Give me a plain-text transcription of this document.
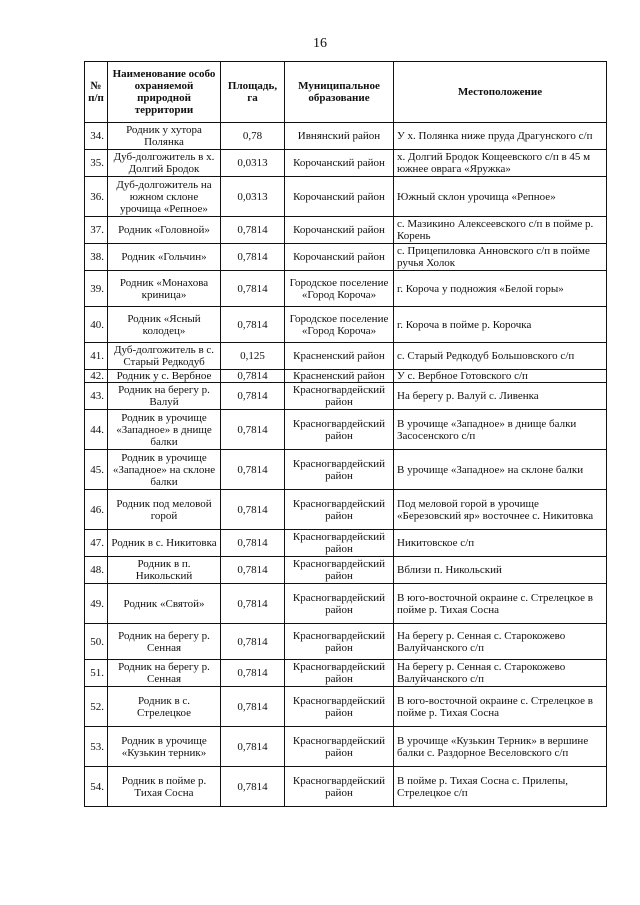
16
№ п/п	Наименование особо охраняемой природной территории	Площадь, га	Муниципальное образование	Местоположение
34.	Родник у хутора Полянка	0,78	Ивнянский район	У х. Полянка ниже пруда Драгунского с/п
35.	Дуб-долгожитель в х. Долгий Бродок	0,0313	Корочанский район	х. Долгий Бродок Кощеевского с/п в 45 м южнее оврага «Яружка»
36.	Дуб-долгожитель на южном склоне урочища «Репное»	0,0313	Корочанский район	Южный склон урочища «Репное»
37.	Родник «Головной»	0,7814	Корочанский район	с. Мазикино Алексеевского с/п в пойме р. Корень
38.	Родник «Гольчин»	0,7814	Корочанский район	с. Прицепиловка Анновского с/п в пойме ручья Холок
39.	Родник «Монахова криница»	0,7814	Городское поселение «Город Короча»	г. Короча у подножия «Белой горы»
40.	Родник «Ясный колодец»	0,7814	Городское поселение «Город Короча»	г. Короча в пойме р. Корочка
41.	Дуб-долгожитель в с. Старый Редкодуб	0,125	Красненский район	с. Старый Редкодуб Большовского с/п
42.	Родник у с. Вербное	0,7814	Красненский район	У с. Вербное Готовского с/п
43.	Родник на берегу р. Валуй	0,7814	Красногвардейский район	На берегу р. Валуй с. Ливенка
44.	Родник в урочище «Западное» в днище балки	0,7814	Красногвардейский район	В урочище «Западное» в днище балки Засосенского с/п
45.	Родник в урочище «Западное» на склоне балки	0,7814	Красногвардейский район	В урочище «Западное» на склоне балки
46.	Родник под меловой горой	0,7814	Красногвардейский район	Под меловой горой в урочище «Березовский яр» восточнее с. Никитовка
47.	Родник в с. Никитовка	0,7814	Красногвардейский район	Никитовское с/п
48.	Родник в п. Никольский	0,7814	Красногвардейский район	Вблизи п. Никольский
49.	Родник «Святой»	0,7814	Красногвардейский район	В юго-восточной окраине с. Стрелецкое в пойме р. Тихая Сосна
50.	Родник на берегу р. Сенная	0,7814	Красногвардейский район	На берегу р. Сенная с. Старокожево Валуйчанского с/п
51.	Родник на берегу р. Сенная	0,7814	Красногвардейский район	На берегу р. Сенная с. Старокожево Валуйчанского с/п
52.	Родник в с. Стрелецкое	0,7814	Красногвардейский район	В юго-восточной окраине с. Стрелецкое в пойме р. Тихая Сосна
53.	Родник в урочище «Кузькин терник»	0,7814	Красногвардейский район	В урочище «Кузькин Терник» в вершине балки с. Раздорное Веселовского с/п
54.	Родник в пойме р. Тихая Сосна	0,7814	Красногвардейский район	В пойме р. Тихая Сосна с. Прилепы, Стрелецкое с/п
